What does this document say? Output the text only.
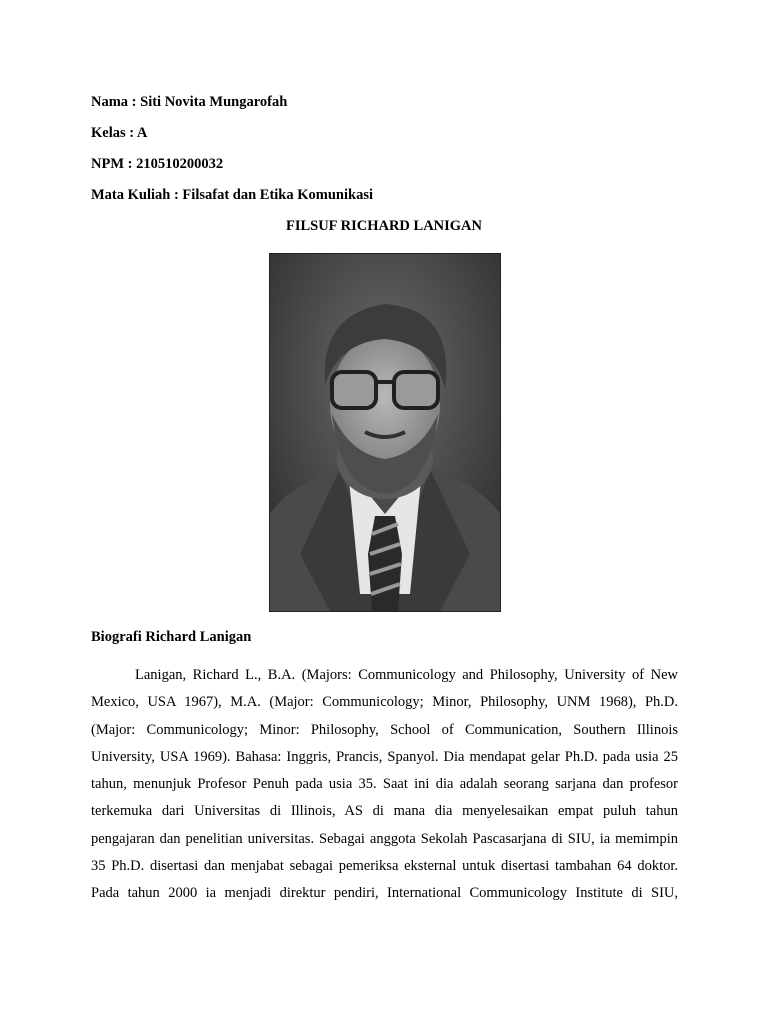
Nama : Siti Novita Mungarofah
Kelas : A
NPM : 210510200032
Mata Kuliah : Filsafat dan Etika Komunikasi
FILSUF RICHARD LANIGAN
Biografi Richard Lanigan
Lanigan, Richard L., B.A. (Majors: Communicology and Philosophy, University of New
Mexico, USA 1967), M.A. (Major: Communicology; Minor, Philosophy, UNM 1968), Ph.D.
(Major: Communicology; Minor: Philosophy, School of Communication, Southern Illinois
University, USA 1969). Bahasa: Inggris, Prancis, Spanyol. Dia mendapat gelar Ph.D. pada usia 25
tahun, menunjuk Profesor Penuh pada usia 35. Saat ini dia adalah seorang sarjana dan profesor
terkemuka dari Universitas di Illinois, AS di mana dia menyelesaikan empat puluh tahun
pengajaran dan penelitian universitas. Sebagai anggota Sekolah Pascasarjana di SIU, ia memimpin
35 Ph.D. disertasi dan menjabat sebagai pemeriksa eksternal untuk disertasi tambahan 64 doktor.
Pada tahun 2000 ia menjadi direktur pendiri, International Communicology Institute di SIU,
